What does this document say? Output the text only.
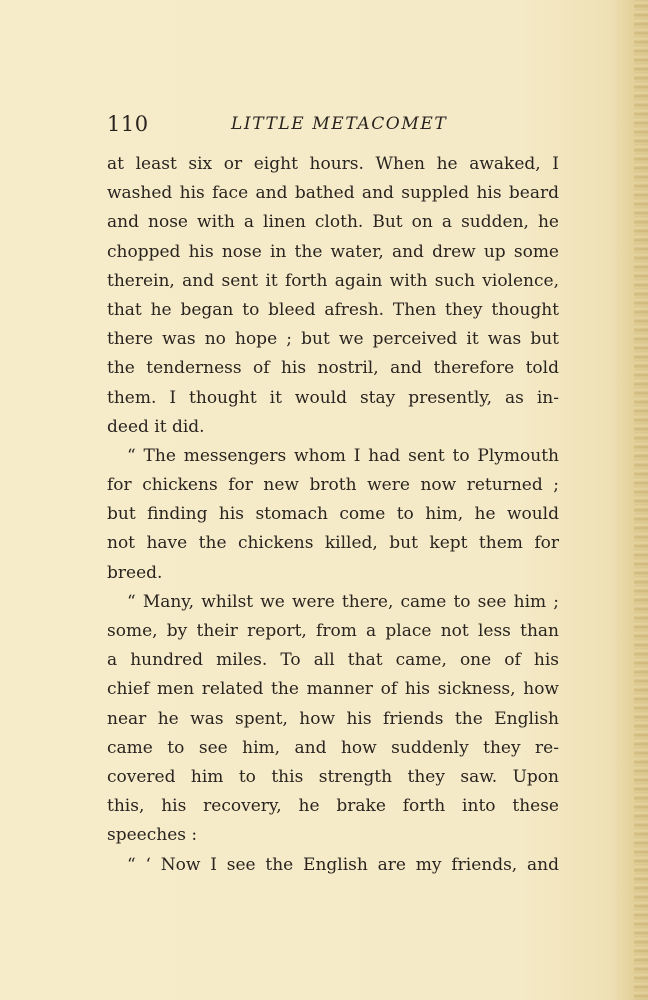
110	LITTLE METACOMET
at least six or eight hours. When he awaked, I
washed his face and bathed and suppled his beard
and nose with a linen cloth. But on a sudden, he
chopped his nose in the water, and drew up some
therein, and sent it forth again with such violence,
that he began to bleed afresh. Then they thought
there was no hope ; but we perceived it was but
the tenderness of his nostril, and therefore told
them. I thought it would stay presently, as in-
deed it did.
“ The messengers whom I had sent to Plymouth
for chickens for new broth were now returned ;
but finding his stomach come to him, he would
not have the chickens killed, but kept them for
breed.
“ Many, whilst we were there, came to see him ;
some, by their report, from a place not less than
a hundred miles. To all that came, one of his
chief men related the manner of his sickness, how
near he was spent, how his friends the English
came to see him, and how suddenly they re-
covered him to this strength they saw. Upon
this, his recovery, he brake forth into these
speeches :
“ ‘ Now I see the English are my friends, and
